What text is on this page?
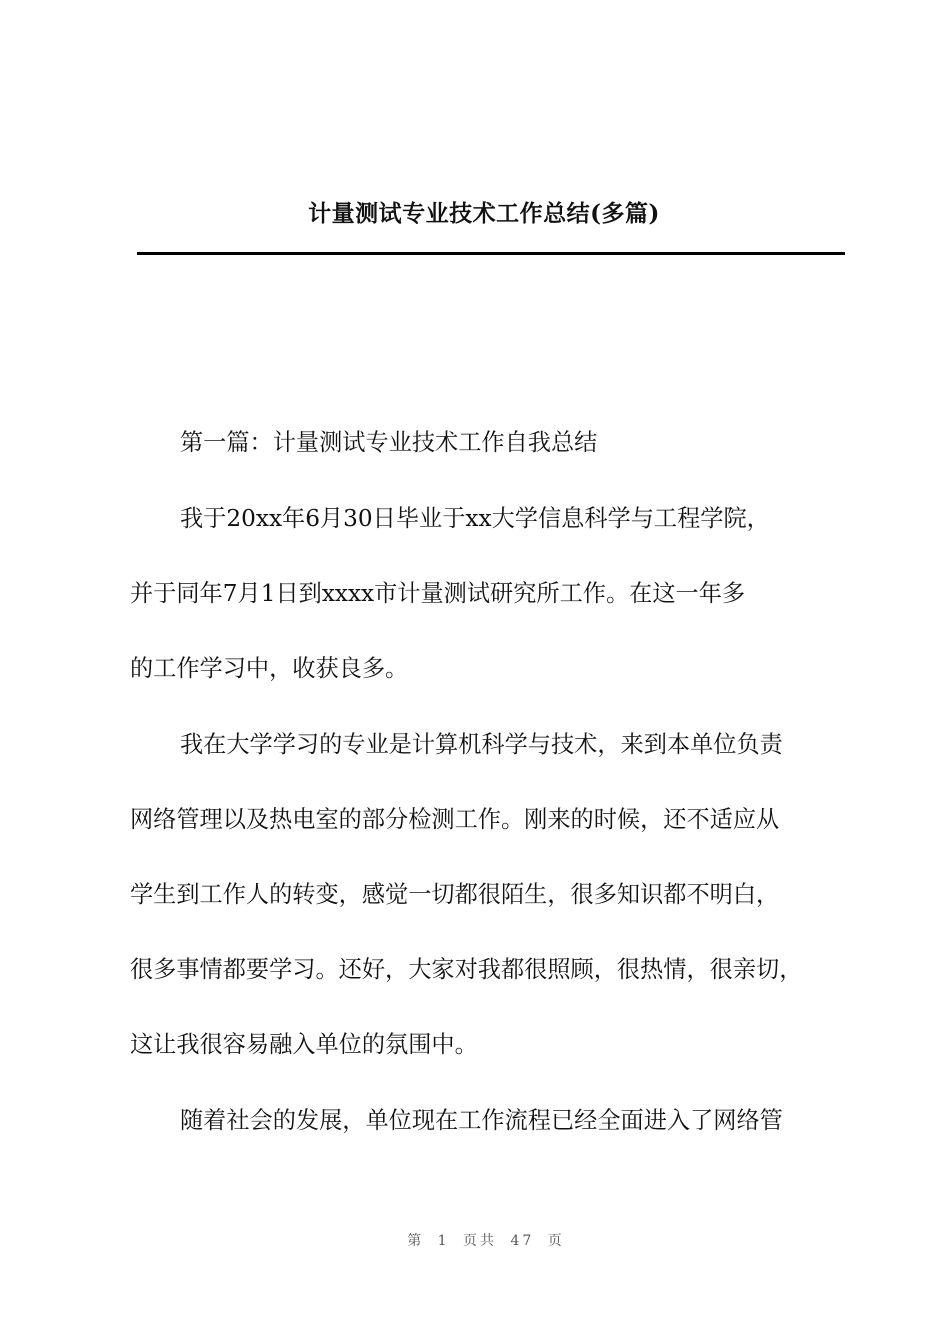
计量测试专业技术工作总结(多篇)
第一篇：计量测试专业技术工作自我总结
我于20xx年6月30日毕业于xx大学信息科学与工程学院，
并于同年7月1日到xxxx市计量测试研究所工作。在这一年多
的工作学习中，收获良多。
我在大学学习的专业是计算机科学与技术，来到本单位负责
网络管理以及热电室的部分检测工作。刚来的时候，还不适应从
学生到工作人的转变，感觉一切都很陌生，很多知识都不明白，
很多事情都要学习。还好，大家对我都很照顾，很热情，很亲切，
这让我很容易融入单位的氛围中。
随着社会的发展，单位现在工作流程已经全面进入了网络管
第 1 页共 47 页
